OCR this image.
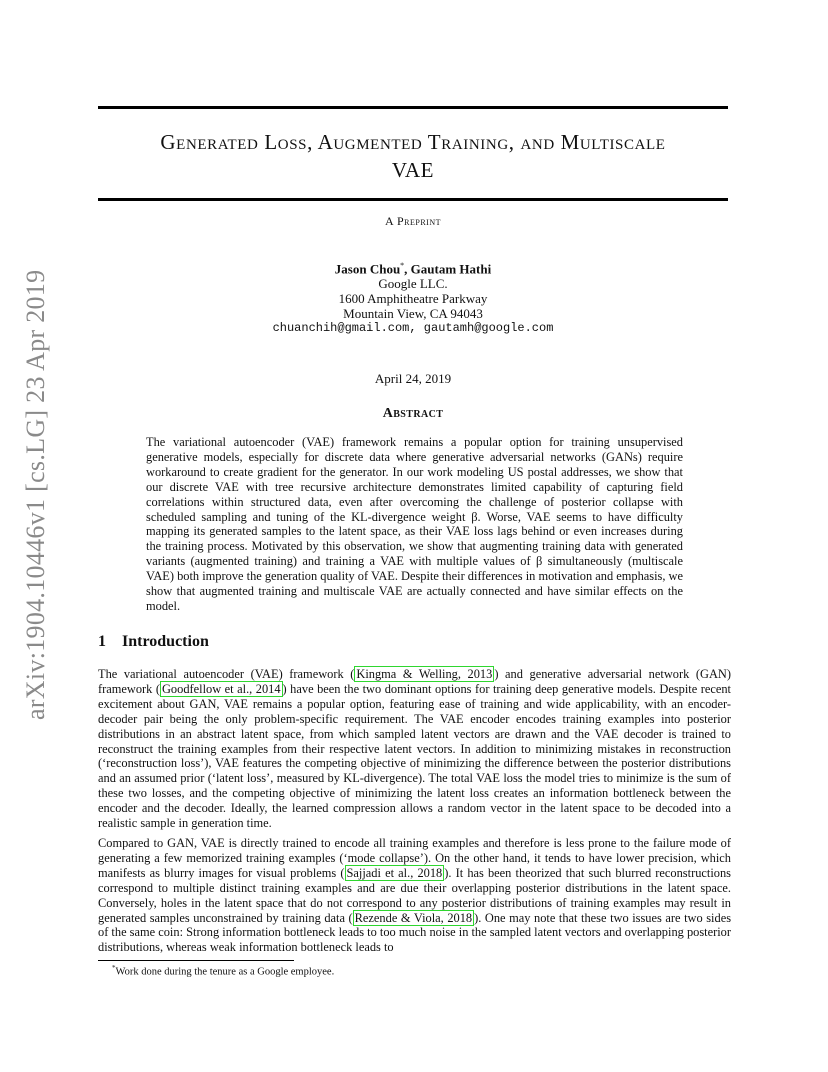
arXiv:1904.10446v1 [cs.LG] 23 Apr 2019
Generated Loss, Augmented Training, and Multiscale
VAE
A Preprint
Jason Chou*, Gautam Hathi
Google LLC.
1600 Amphitheatre Parkway
Mountain View, CA 94043
chuanchih@gmail.com, gautamh@google.com
April 24, 2019
Abstract
The variational autoencoder (VAE) framework remains a popular option for training unsupervised generative models, especially for discrete data where generative adversarial networks (GANs) require workaround to create gradient for the generator. In our work modeling US postal addresses, we show that our discrete VAE with tree recursive architecture demonstrates limited capability of capturing field correlations within structured data, even after overcoming the challenge of posterior collapse with scheduled sampling and tuning of the KL-divergence weight β. Worse, VAE seems to have difficulty mapping its generated samples to the latent space, as their VAE loss lags behind or even increases during the training process. Motivated by this observation, we show that augmenting training data with generated variants (augmented training) and training a VAE with multiple values of β simultaneously (multiscale VAE) both improve the generation quality of VAE. Despite their differences in motivation and emphasis, we show that augmented training and multiscale VAE are actually connected and have similar effects on the model.
1 Introduction
The variational autoencoder (VAE) framework ( Kingma & Welling, 2013 ) and generative adversarial network (GAN) framework ( Goodfellow et al., 2014 ) have been the two dominant options for training deep generative models. Despite recent excitement about GAN, VAE remains a popular option, featuring ease of training and wide applicability, with an encoder-decoder pair being the only problem-specific requirement. The VAE encoder encodes training examples into posterior distributions in an abstract latent space, from which sampled latent vectors are drawn and the VAE decoder is trained to reconstruct the training examples from their respective latent vectors. In addition to minimizing mistakes in reconstruction (‘reconstruction loss’), VAE features the competing objective of minimizing the difference between the posterior distributions and an assumed prior (‘latent loss’, measured by KL-divergence). The total VAE loss the model tries to minimize is the sum of these two losses, and the competing objective of minimizing the latent loss creates an information bottleneck between the encoder and the decoder. Ideally, the learned compression allows a random vector in the latent space to be decoded into a realistic sample in generation time.
Compared to GAN, VAE is directly trained to encode all training examples and therefore is less prone to the failure mode of generating a few memorized training examples (‘mode collapse’). On the other hand, it tends to have lower precision, which manifests as blurry images for visual problems ( Sajjadi et al., 2018 ). It has been theorized that such blurred reconstructions correspond to multiple distinct training examples and are due their overlapping posterior distributions in the latent space. Conversely, holes in the latent space that do not correspond to any posterior distributions of training examples may result in generated samples unconstrained by training data ( Rezende & Viola, 2018 ). One may note that these two issues are two sides of the same coin: Strong information bottleneck leads to too much noise in the sampled latent vectors and overlapping posterior distributions, whereas weak information bottleneck leads to
*Work done during the tenure as a Google employee.
